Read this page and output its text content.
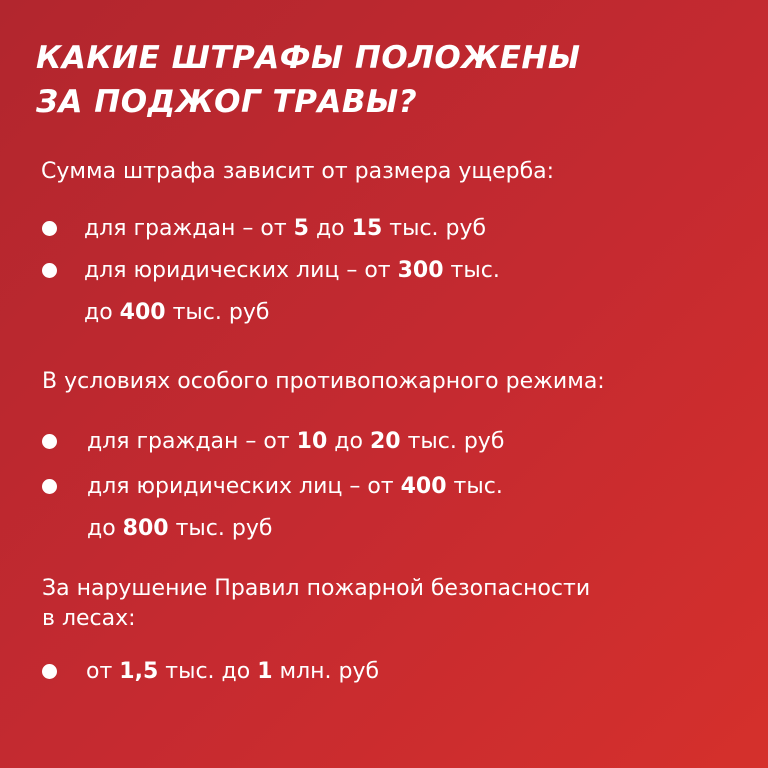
КАКИЕ ШТРАФЫ ПОЛОЖЕНЫ
ЗА ПОДЖОГ ТРАВЫ?

Сумма штрафа зависит от размера ущерба:

для граждан – от 5 до 15 тыс. руб
для юридических лиц – от 300 тыс.
до 400 тыс. руб

В условиях особого противопожарного режима:

для граждан – от 10 до 20 тыс. руб
для юридических лиц – от 400 тыс.
до 800 тыс. руб

За нарушение Правил пожарной безопасности

в лесах:

от 1,5 тыс. до 1 млн. руб
